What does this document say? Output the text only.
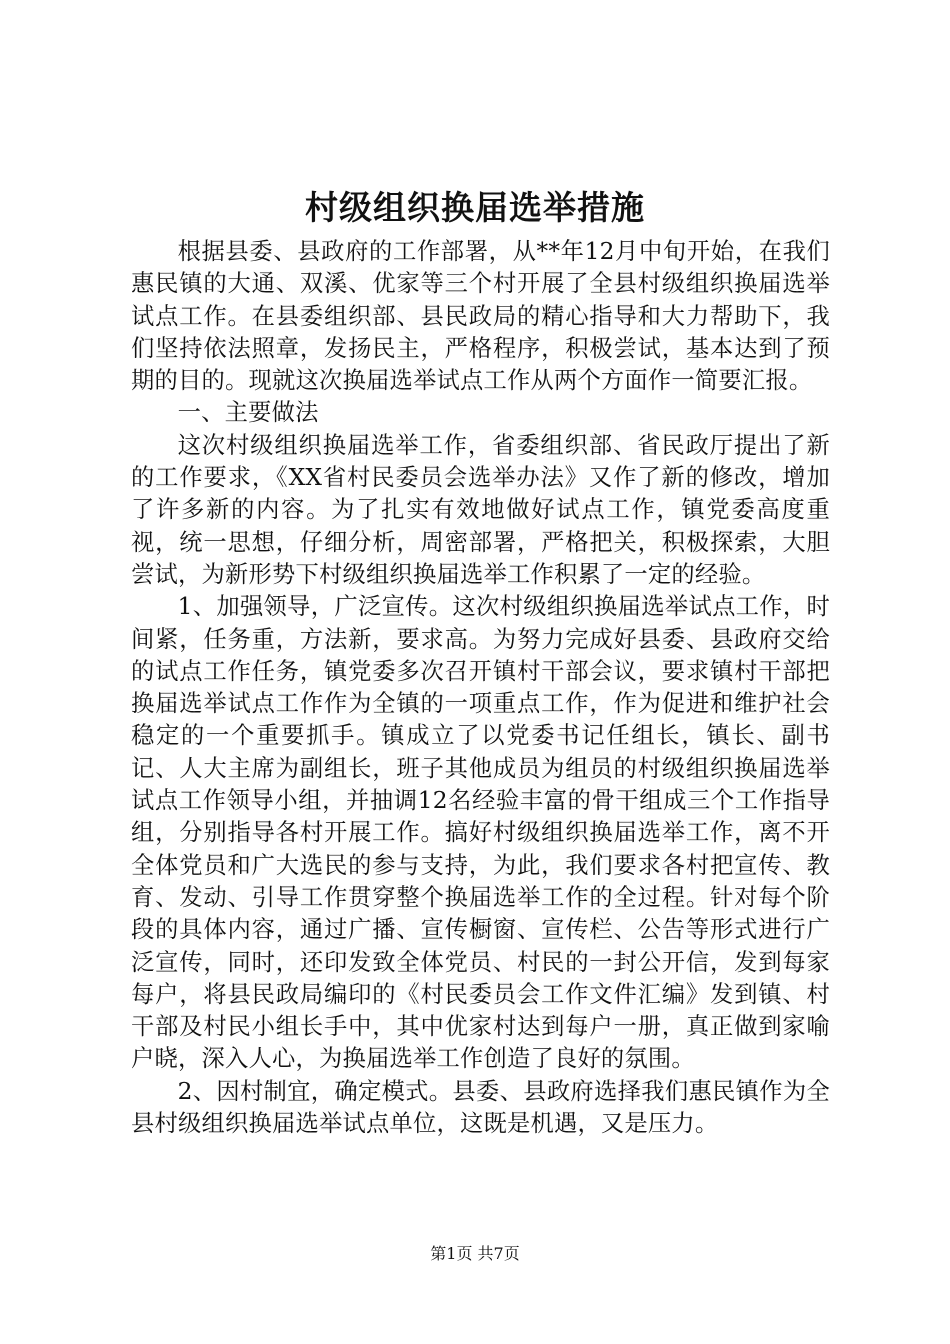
村级组织换届选举措施

根据县委、县政府的工作部署，从**年12月中旬开始，在我们惠民镇的大通、双溪、优家等三个村开展了全县村级组织换届选举试点工作。在县委组织部、县民政局的精心指导和大力帮助下，我们坚持依法照章，发扬民主，严格程序，积极尝试，基本达到了预期的目的。现就这次换届选举试点工作从两个方面作一简要汇报。

一、主要做法

这次村级组织换届选举工作，省委组织部、省民政厅提出了新的工作要求，《XX省村民委员会选举办法》又作了新的修改，增加了许多新的内容。为了扎实有效地做好试点工作，镇党委高度重视，统一思想，仔细分析，周密部署，严格把关，积极探索，大胆尝试，为新形势下村级组织换届选举工作积累了一定的经验。

1、加强领导，广泛宣传。这次村级组织换届选举试点工作，时间紧，任务重，方法新，要求高。为努力完成好县委、县政府交给的试点工作任务，镇党委多次召开镇村干部会议，要求镇村干部把换届选举试点工作作为全镇的一项重点工作，作为促进和维护社会稳定的一个重要抓手。镇成立了以党委书记任组长，镇长、副书记、人大主席为副组长，班子其他成员为组员的村级组织换届选举试点工作领导小组，并抽调12名经验丰富的骨干组成三个工作指导组，分别指导各村开展工作。搞好村级组织换届选举工作，离不开全体党员和广大选民的参与支持，为此，我们要求各村把宣传、教育、发动、引导工作贯穿整个换届选举工作的全过程。针对每个阶段的具体内容，通过广播、宣传橱窗、宣传栏、公告等形式进行广泛宣传，同时，还印发致全体党员、村民的一封公开信，发到每家每户，将县民政局编印的《村民委员会工作文件汇编》发到镇、村干部及村民小组长手中，其中优家村达到每户一册，真正做到家喻户晓，深入人心，为换届选举工作创造了良好的氛围。

2、因村制宜，确定模式。县委、县政府选择我们惠民镇作为全县村级组织换届选举试点单位，这既是机遇，又是压力。

第1页 共7页
